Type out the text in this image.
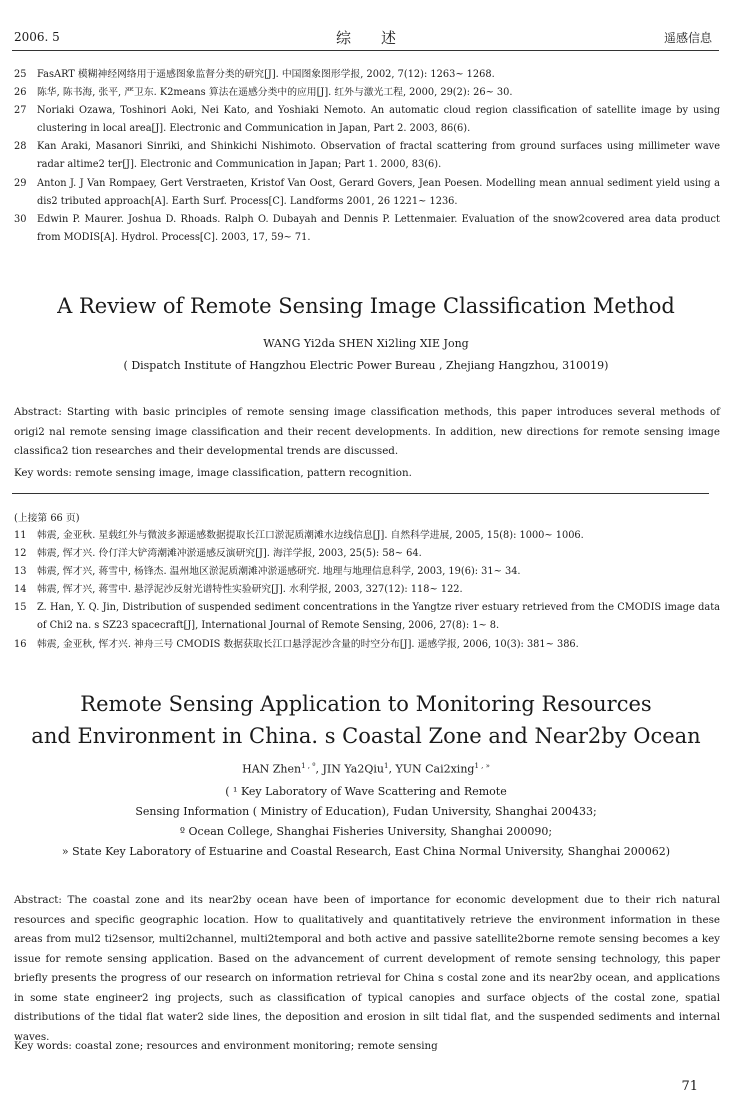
2006. 5	综述	遥感信息
25	FasART 模糊神经网络用于遥感图象监督分类的研究[J]. 中国图象图形学报, 2002, 7(12): 1263~ 1268.
26	陈华, 陈书海, 张平, 严卫东. K2means 算法在遥感分类中的应用[J]. 红外与激光工程, 2000, 29(2): 26~ 30.
27	Noriaki Ozawa, Toshinori Aoki, Nei Kato, and Yoshiaki Nemoto. An automatic cloud region classification of satellite image by using clustering in local area[J]. Electronic and Communication in Japan, Part 2. 2003, 86(6).
28	Kan Araki, Masanori Sinriki, and Shinkichi Nishimoto. Observation of fractal scattering from ground surfaces using millimeter wave radar altime2 ter[J]. Electronic and Communication in Japan; Part 1. 2000, 83(6).
29	Anton J. J Van Rompaey, Gert Verstraeten, Kristof Van Oost, Gerard Govers, Jean Poesen. Modelling mean annual sediment yield using a dis2 tributed approach[A]. Earth Surf. Process[C]. Landforms 2001, 26 1221~ 1236.
30	Edwin P. Maurer. Joshua D. Rhoads. Ralph O. Dubayah and Dennis P. Lettenmaier. Evaluation of the snow2covered area data product from MODIS[A]. Hydrol. Process[C]. 2003, 17, 59~ 71.
A Review of Remote Sensing Image Classification Method
WANG Yi2da SHEN Xi2ling XIE Jong
( Dispatch Institute of Hangzhou Electric Power Bureau , Zhejiang Hangzhou, 310019)
Abstract: Starting with basic principles of remote sensing image classification methods, this paper introduces several methods of origi2 nal remote sensing image classification and their recent developments. In addition, new directions for remote sensing image classifica2 tion researches and their developmental trends are discussed.
Key words: remote sensing image, image classification, pattern recognition.
(上接第 66 页)
11	韩震, 金亚秋. 星载红外与微波多源遥感数据提取长江口淤泥质潮滩水边线信息[J]. 自然科学进展, 2005, 15(8): 1000~ 1006.
12	韩震, 恽才兴. 伶仃洋大铲湾潮滩冲淤遥感反演研究[J]. 海洋学报, 2003, 25(5): 58~ 64.
13	韩震, 恽才兴, 蒋雪中, 杨锋杰. 温州地区淤泥质潮滩冲淤遥感研究. 地理与地理信息科学, 2003, 19(6): 31~ 34.
14	韩震, 恽才兴, 蒋雪中. 悬浮泥沙反射光谱特性实验研究[J]. 水利学报, 2003, 327(12): 118~ 122.
15	Z. Han, Y. Q. Jin, Distribution of suspended sediment concentrations in the Yangtze river estuary retrieved from the CMODIS image data of Chi2 na. s SZ23 spacecraft[J], International Journal of Remote Sensing, 2006, 27(8): 1~ 8.
16	韩震, 金亚秋, 恽才兴. 神舟三号 CMODIS 数据获取长江口悬浮泥沙含量的时空分布[J]. 遥感学报, 2006, 10(3): 381~ 386.
Remote Sensing Application to Monitoring Resources
and Environment in China. s Coastal Zone and Near2by Ocean
HAN Zhen$^{1 , º}$, JIN Ya2Qiu$^1$, YUN Cai2xing$^{1 , »}$
( ¹ Key Laboratory of Wave Scattering and Remote
Sensing Information ( Ministry of Education), Fudan University, Shanghai 200433;
º Ocean College, Shanghai Fisheries University, Shanghai 200090;
» State Key Laboratory of Estuarine and Coastal Research, East China Normal University, Shanghai 200062)
Abstract: The coastal zone and its near2by ocean have been of importance for economic development due to their rich natural resources and specific geographic location. How to qualitatively and quantitatively retrieve the environment information in these areas from mul2 ti2sensor, multi2channel, multi2temporal and both active and passive satellite2borne remote sensing becomes a key issue for remote sensing application. Based on the advancement of current development of remote sensing technology, this paper briefly presents the progress of our research on information retrieval for China s costal zone and its near2by ocean, and applications in some state engineer2 ing projects, such as classification of typical canopies and surface objects of the costal zone, spatial distributions of the tidal flat water2 side lines, the deposition and erosion in silt tidal flat, and the suspended sediments and internal waves.
Key words: coastal zone; resources and environment monitoring; remote sensing
71
